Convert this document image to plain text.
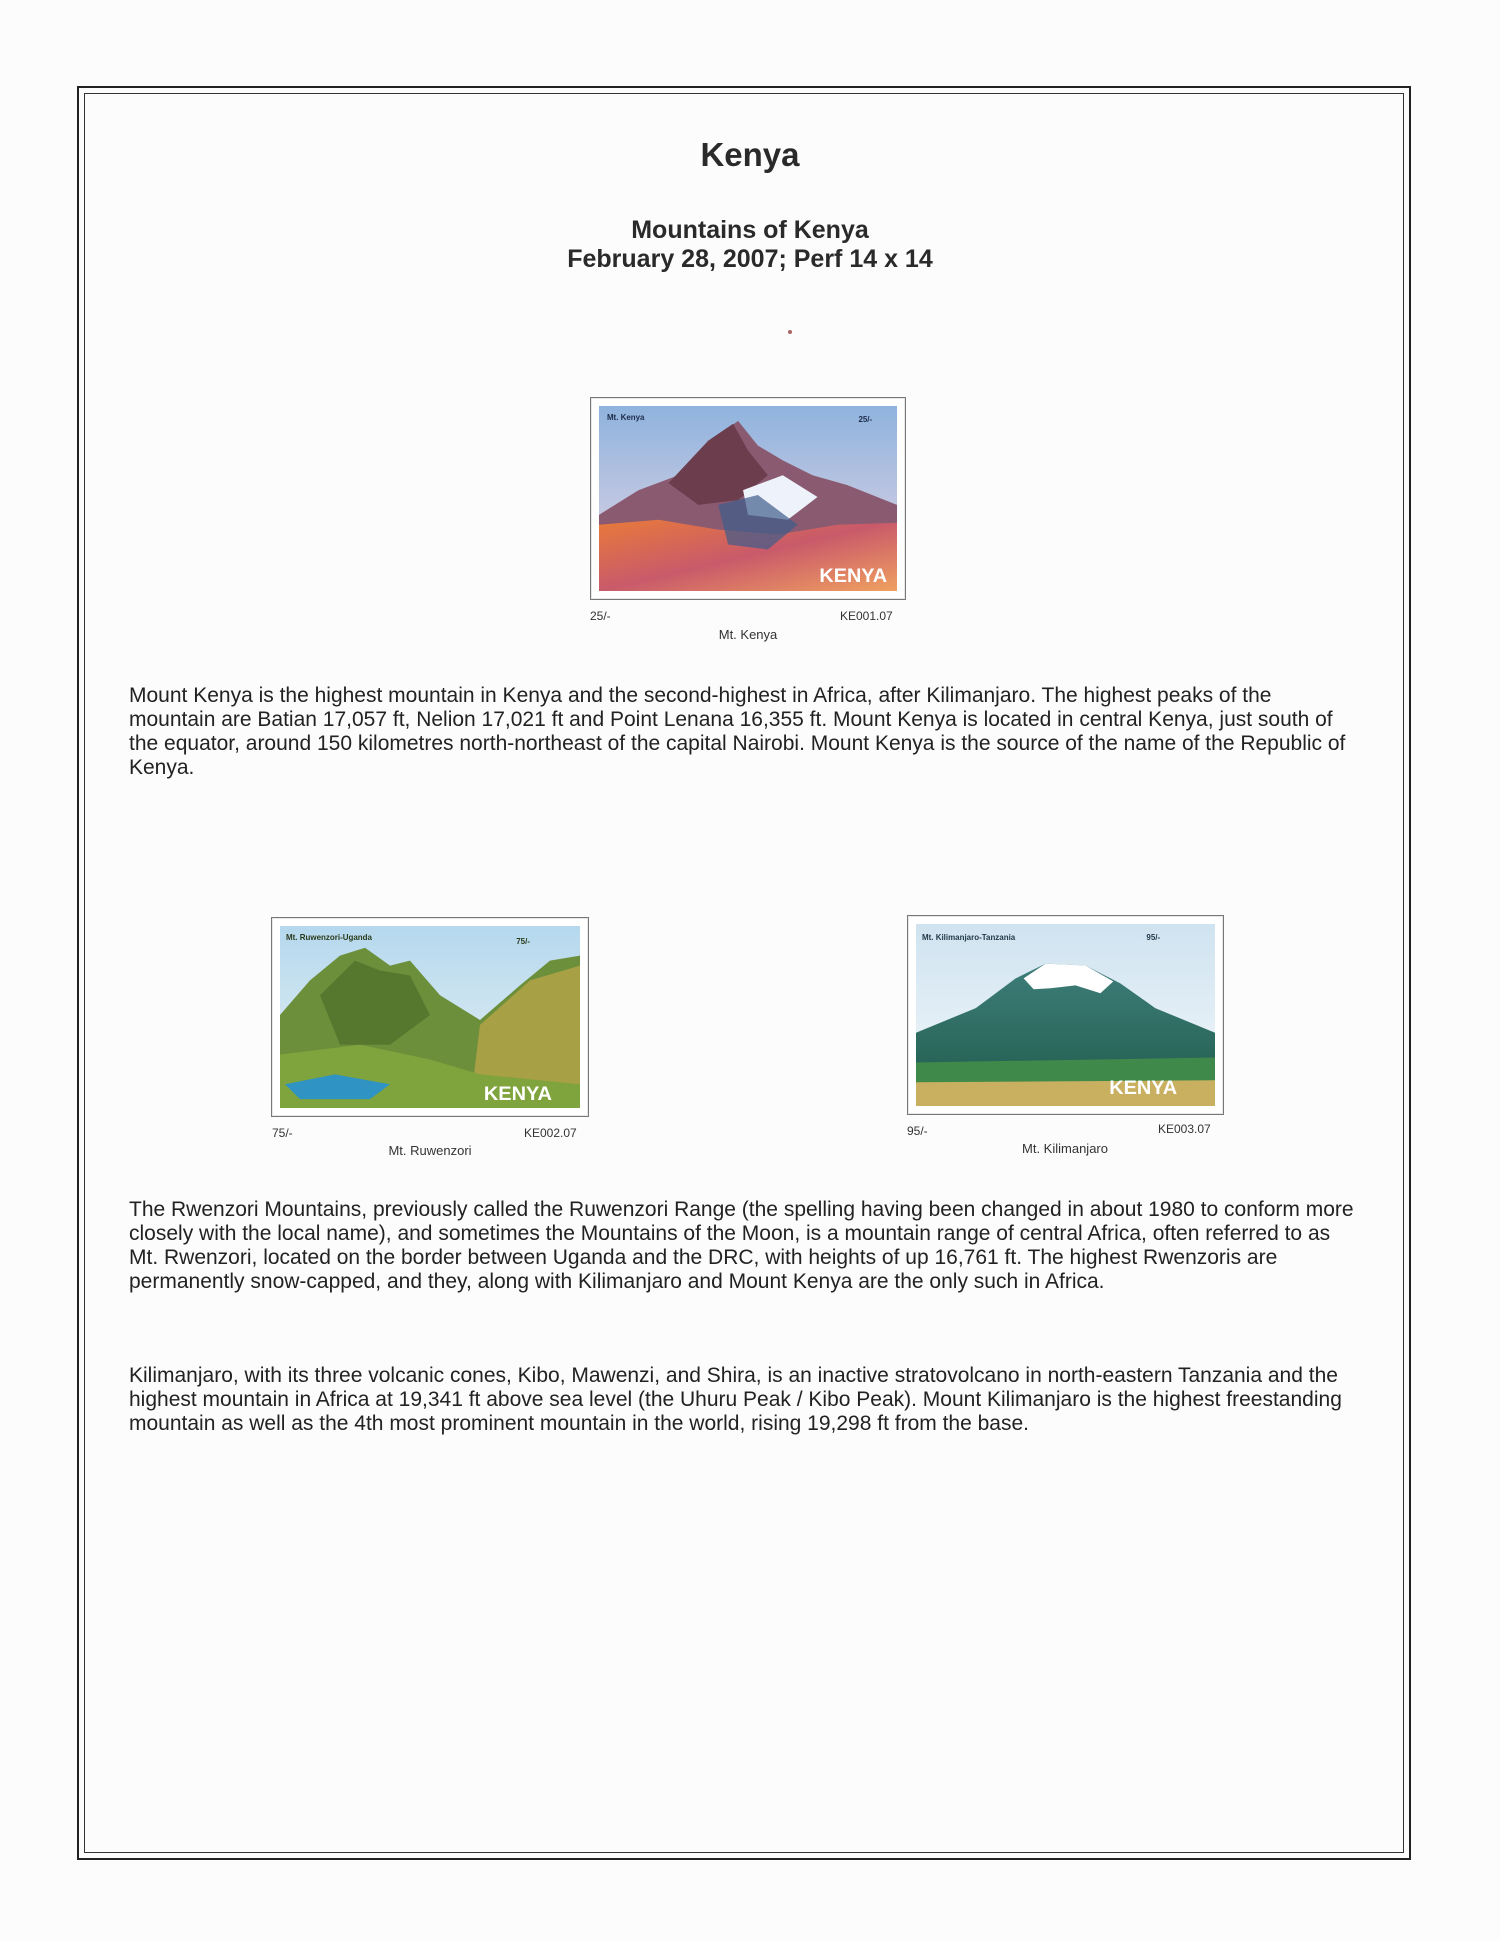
Kenya
Mountains of Kenya
February 28, 2007; Perf 14 x 14
Mt. Kenya	25/-
KENYA
25/-	KE001.07
Mt. Kenya
Mount Kenya is the highest mountain in Kenya and the second-highest in Africa, after Kilimanjaro. The highest peaks of the mountain are Batian 17,057 ft, Nelion 17,021 ft and Point Lenana 16,355 ft. Mount Kenya is located in central Kenya, just south of the equator, around 150 kilometres north-northeast of the capital Nairobi. Mount Kenya is the source of the name of the Republic of Kenya.
Mt. Ruwenzori-Uganda	75/-
KENYA
75/-	KE002.07
Mt. Ruwenzori
Mt. Kilimanjaro-Tanzania	95/-
KENYA
95/-	KE003.07
Mt. Kilimanjaro
The Rwenzori Mountains, previously called the Ruwenzori Range (the spelling having been changed in about 1980 to conform more closely with the local name), and sometimes the Mountains of the Moon, is a mountain range of central Africa, often referred to as Mt. Rwenzori, located on the border between Uganda and the DRC, with heights of up 16,761 ft. The highest Rwenzoris are permanently snow-capped, and they, along with Kilimanjaro and Mount Kenya are the only such in Africa.
Kilimanjaro, with its three volcanic cones, Kibo, Mawenzi, and Shira, is an inactive stratovolcano in north-eastern Tanzania and the highest mountain in Africa at 19,341 ft above sea level (the Uhuru Peak / Kibo Peak). Mount Kilimanjaro is the highest freestanding mountain as well as the 4th most prominent mountain in the world, rising 19,298 ft from the base.
